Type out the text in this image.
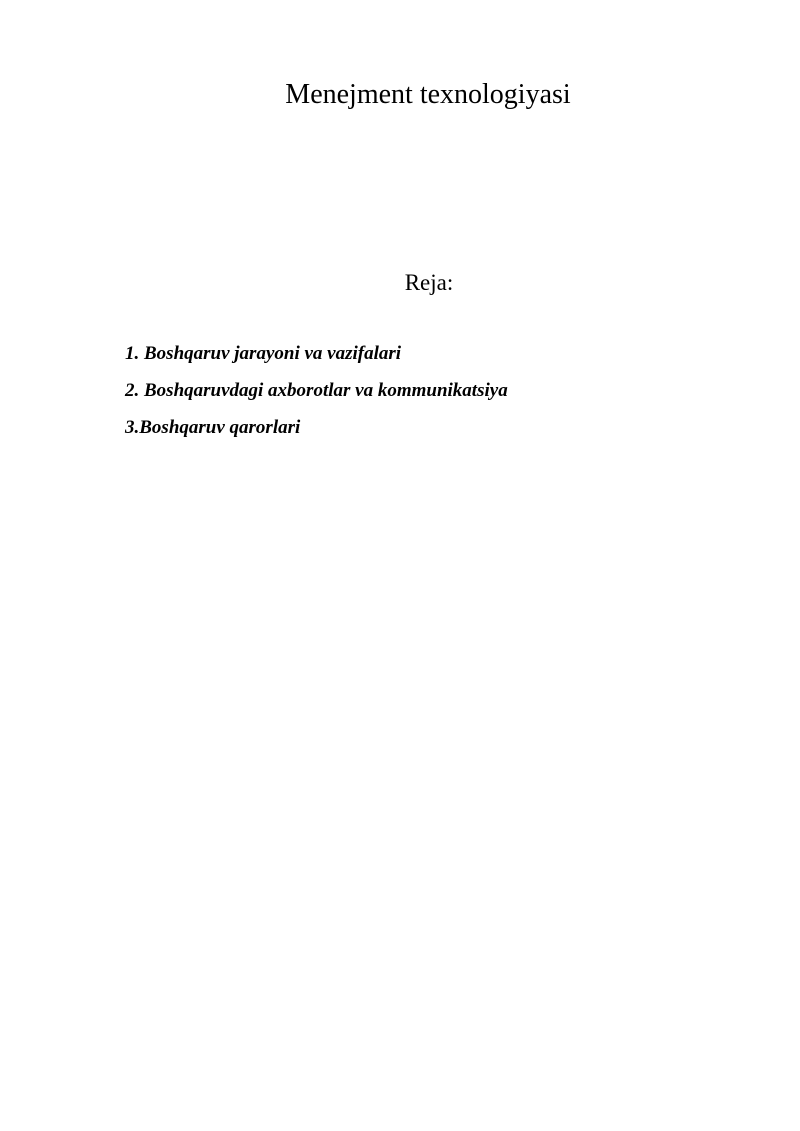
Menejment texnologiyasi
Reja:
1. Boshqaruv jarayoni va vazifalari
2. Boshqaruvdagi axborotlar va kommunikatsiya
3.Boshqaruv qarorlari
